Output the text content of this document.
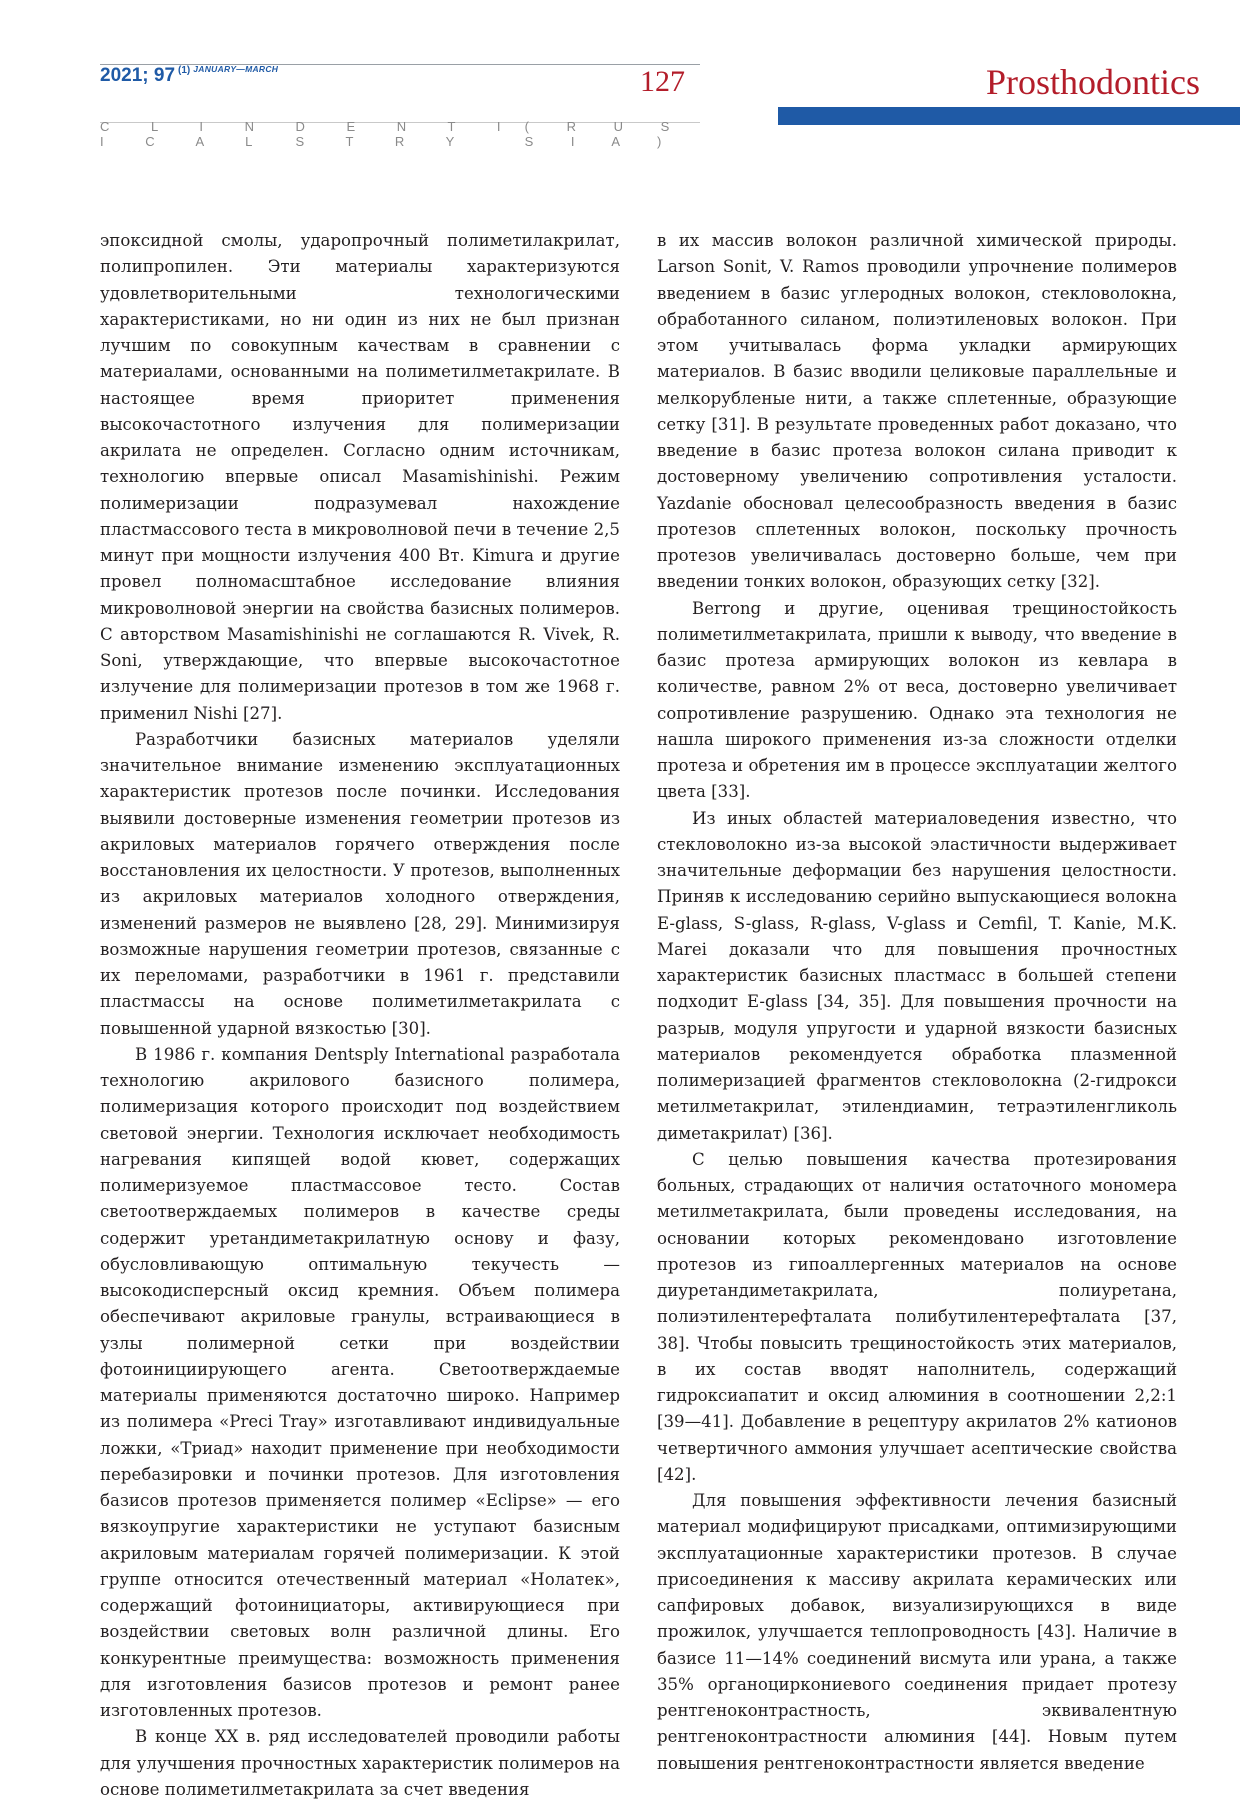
2021; 97 $^{(1)}$ $^{JANUARY—MARCH}$	127	Prosthodontics
C L I N I C A L
D E N T I S T R Y
( R U S S I A )

эпоксидной смолы, ударопрочный полиметилакрилат, полипропилен. Эти материалы характеризуются удовлетворительными технологическими характеристиками, но ни один из них не был признан лучшим по совокупным качествам в сравнении с материалами, основанными на полиметилметакрилате. В настоящее время приоритет применения высокочастотного излучения для полимеризации акрилата не определен. Согласно одним источникам, технологию впервые описал Masamishinishi. Режим полимеризации подразумевал нахождение пластмассового теста в микроволновой печи в течение 2,5 минут при мощности излучения 400 Вт. Kimura и другие провел полномасштабное исследование влияния микроволновой энергии на свойства базисных полимеров. С авторством Masamishinishi не соглашаются R. Vivek, R. Soni, утверждающие, что впервые высокочастотное излучение для полимеризации протезов в том же 1968 г. применил Nishi [27].

Разработчики базисных материалов уделяли значительное внимание изменению эксплуатационных характеристик протезов после починки. Исследования выявили достоверные изменения геометрии протезов из акриловых материалов горячего отверждения после восстановления их целостности. У протезов, выполненных из акриловых материалов холодного отверждения, изменений размеров не выявлено [28, 29]. Минимизируя возможные нарушения геометрии протезов, связанные с их переломами, разработчики в 1961 г. представили пластмассы на основе полиметилметакрилата с повышенной ударной вязкостью [30].

В 1986 г. компания Dentsply International разработала технологию акрилового базисного полимера, полимеризация которого происходит под воздействием световой энергии. Технология исключает необходимость нагревания кипящей водой кювет, содержащих полимеризуемое пластмассовое тесто. Состав светоотверждаемых полимеров в качестве среды содержит уретандиметакрилатную основу и фазу, обусловливающую оптимальную текучесть — высокодисперсный оксид кремния. Объем полимера обеспечивают акриловые гранулы, встраивающиеся в узлы полимерной сетки при воздействии фотоинициирующего агента. Светоотверждаемые материалы применяются достаточно широко. Например из полимера «Preci Tray» изготавливают индивидуальные ложки, «Триад» находит применение при необходимости перебазировки и починки протезов. Для изготовления базисов протезов применяется полимер «Eclipse» — его вязкоупругие характеристики не уступают базисным акриловым материалам горячей полимеризации. К этой группе относится отечественный материал «Нолатек», содержащий фотоинициаторы, активирующиеся при воздействии световых волн различной длины. Его конкурентные преимущества: возможность применения для изготовления базисов протезов и ремонт ранее изготовленных протезов.

В конце XX в. ряд исследователей проводили работы для улучшения прочностных характеристик полимеров на основе полиметилметакрилата за счет введения

в их массив волокон различной химической природы. Larson Sonit, V. Ramos проводили упрочнение полимеров введением в базис углеродных волокон, стекловолокна, обработанного силаном, полиэтиленовых волокон. При этом учитывалась форма укладки армирующих материалов. В базис вводили целиковые параллельные и мелкорубленые нити, а также сплетенные, образующие сетку [31]. В результате проведенных работ доказано, что введение в базис протеза волокон силана приводит к достоверному увеличению сопротивления усталости. Yazdanie обосновал целесообразность введения в базис протезов сплетенных волокон, поскольку прочность протезов увеличивалась достоверно больше, чем при введении тонких волокон, образующих сетку [32].

Berrong и другие, оценивая трещиностойкость полиметилметакрилата, пришли к выводу, что введение в базис протеза армирующих волокон из кевлара в количестве, равном 2% от веса, достоверно увеличивает сопротивление разрушению. Однако эта технология не нашла широкого применения из-за сложности отделки протеза и обретения им в процессе эксплуатации желтого цвета [33].

Из иных областей материаловедения известно, что стекловолокно из-за высокой эластичности выдерживает значительные деформации без нарушения целостности. Приняв к исследованию серийно выпускающиеся волокна E-glass, S-glass, R-glass, V-glass и Cemfil, T. Kanie, M.K. Marei доказали что для повышения прочностных характеристик базисных пластмасс в большей степени подходит E-glass [34, 35]. Для повышения прочности на разрыв, модуля упругости и ударной вязкости базисных материалов рекомендуется обработка плазменной полимеризацией фрагментов стекловолокна (2-гидрокси метилметакрилат, этилендиамин, тетраэтиленгликоль диметакрилат) [36].

С целью повышения качества протезирования больных, страдающих от наличия остаточного мономера метилметакрилата, были проведены исследования, на основании которых рекомендовано изготовление протезов из гипоаллергенных материалов на основе диуретандиметакрилата, полиуретана, полиэтилентерефталата полибутилентерефталата [37, 38]. Чтобы повысить трещиностойкость этих материалов, в их состав вводят наполнитель, содержащий гидроксиапатит и оксид алюминия в соотношении 2,2:1 [39—41]. Добавление в рецептуру акрилатов 2% катионов четвертичного аммония улучшает асептические свойства [42].

Для повышения эффективности лечения базисный материал модифицируют присадками, оптимизирующими эксплуатационные характеристики протезов. В случае присоединения к массиву акрилата керамических или сапфировых добавок, визуализирующихся в виде прожилок, улучшается теплопроводность [43]. Наличие в базисе 11—14% соединений висмута или урана, а также 35% органоциркониевого соединения придает протезу рентгеноконтрастность, эквивалентную рентгеноконтрастности алюминия [44]. Новым путем повышения рентгеноконтрастности является введение
